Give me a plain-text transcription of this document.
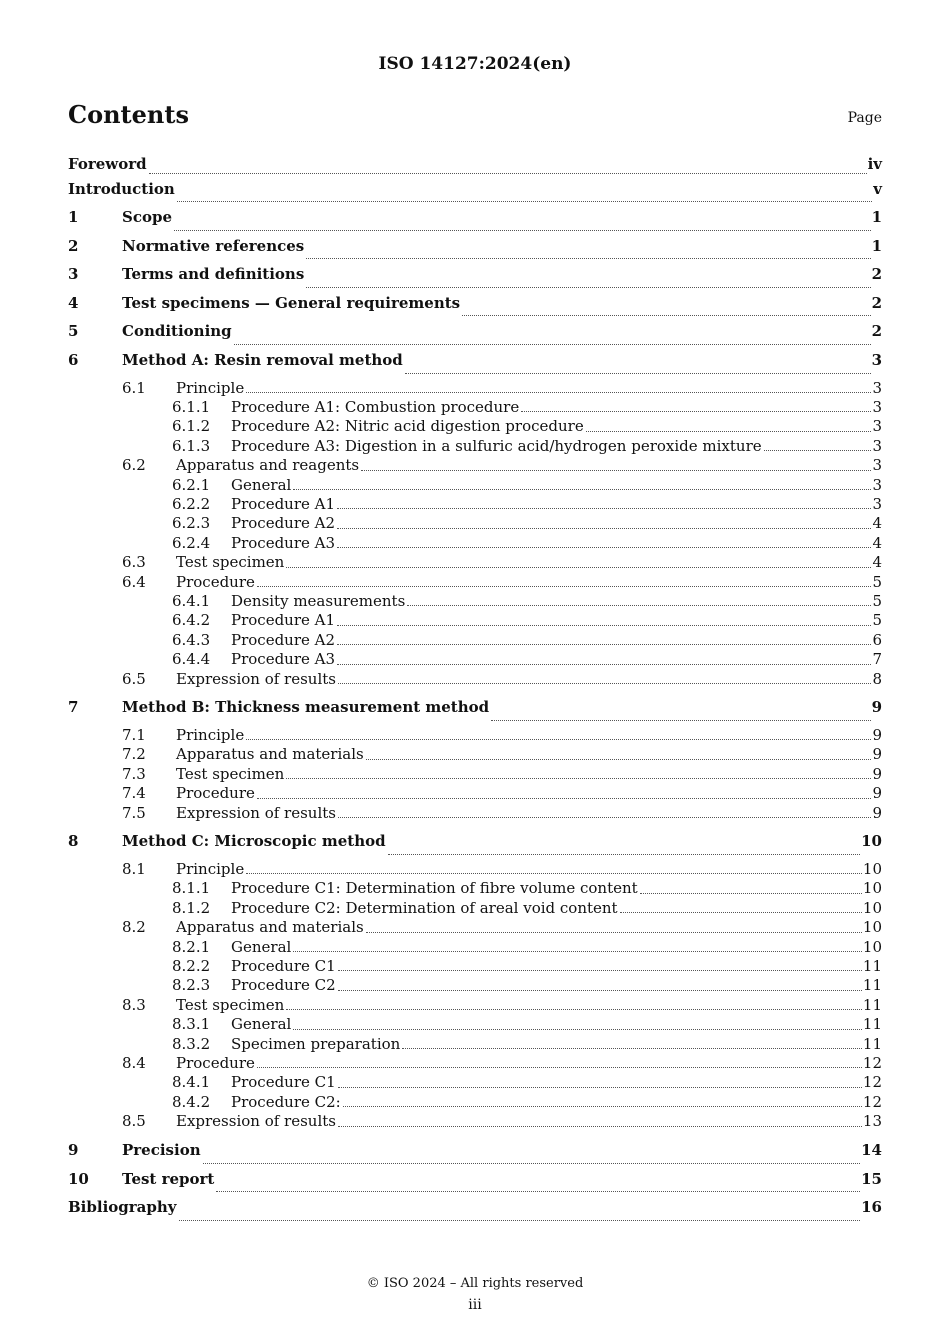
ISO 14127:2024(en)
Contents	Page
Foreword	iv
Introduction	v
1	Scope	1
2	Normative references	1
3	Terms and definitions	2
4	Test specimens — General requirements	2
5	Conditioning	2
6	Method A: Resin removal method	3
6.1	Principle	3
6.1.1	Procedure A1: Combustion procedure	3
6.1.2	Procedure A2: Nitric acid digestion procedure	3
6.1.3	Procedure A3: Digestion in a sulfuric acid/hydrogen peroxide mixture	3
6.2	Apparatus and reagents	3
6.2.1	General	3
6.2.2	Procedure A1	3
6.2.3	Procedure A2	4
6.2.4	Procedure A3	4
6.3	Test specimen	4
6.4	Procedure	5
6.4.1	Density measurements	5
6.4.2	Procedure A1	5
6.4.3	Procedure A2	6
6.4.4	Procedure A3	7
6.5	Expression of results	8
7	Method B: Thickness measurement method	9
7.1	Principle	9
7.2	Apparatus and materials	9
7.3	Test specimen	9
7.4	Procedure	9
7.5	Expression of results	9
8	Method C: Microscopic method	10
8.1	Principle	10
8.1.1	Procedure C1: Determination of fibre volume content	10
8.1.2	Procedure C2: Determination of areal void content	10
8.2	Apparatus and materials	10
8.2.1	General	10
8.2.2	Procedure C1	11
8.2.3	Procedure C2	11
8.3	Test specimen	11
8.3.1	General	11
8.3.2	Specimen preparation	11
8.4	Procedure	12
8.4.1	Procedure C1	12
8.4.2	Procedure C2:	12
8.5	Expression of results	13
9	Precision	14
10	Test report	15
Bibliography	16
© ISO 2024 – All rights reserved
iii
